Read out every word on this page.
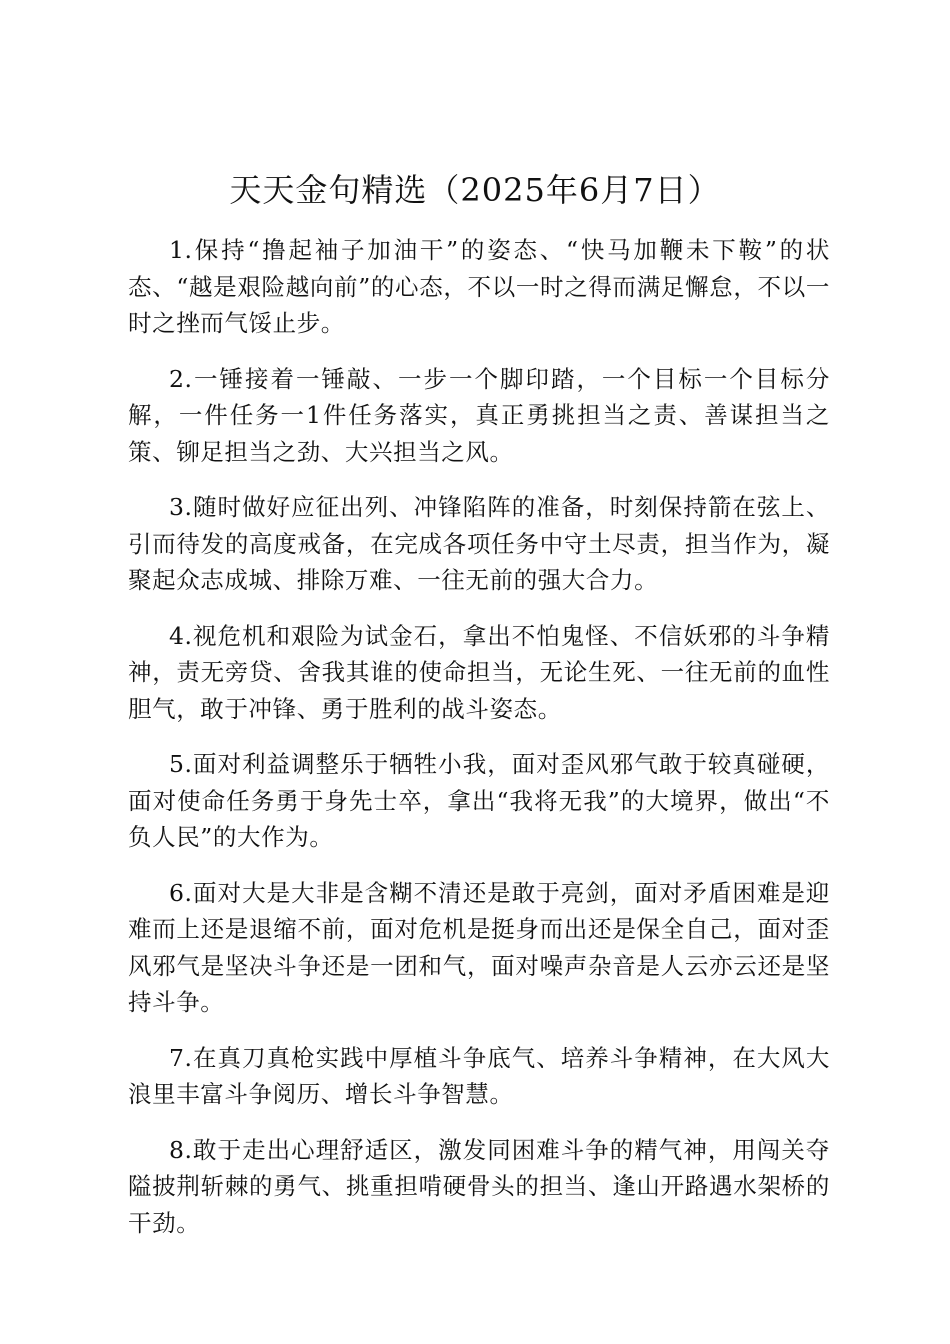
天天金句精选（2025年6月7日）

1.保持“撸起袖子加油干”的姿态、“快马加鞭未下鞍”的状态、“越是艰险越向前”的心态，不以一时之得而满足懈怠，不以一时之挫而气馁止步。

2.一锤接着一锤敲、一步一个脚印踏，一个目标一个目标分解，一件任务一1件任务落实，真正勇挑担当之责、善谋担当之策、铆足担当之劲、大兴担当之风。

3.随时做好应征出列、冲锋陷阵的准备，时刻保持箭在弦上、引而待发的高度戒备，在完成各项任务中守土尽责，担当作为，凝聚起众志成城、排除万难、一往无前的强大合力。

4.视危机和艰险为试金石，拿出不怕鬼怪、不信妖邪的斗争精神，责无旁贷、舍我其谁的使命担当，无论生死、一往无前的血性胆气，敢于冲锋、勇于胜利的战斗姿态。

5.面对利益调整乐于牺牲小我，面对歪风邪气敢于较真碰硬，面对使命任务勇于身先士卒，拿出“我将无我”的大境界，做出“不负人民”的大作为。

6.面对大是大非是含糊不清还是敢于亮剑，面对矛盾困难是迎难而上还是退缩不前，面对危机是挺身而出还是保全自己，面对歪风邪气是坚决斗争还是一团和气，面对噪声杂音是人云亦云还是坚持斗争。

7.在真刀真枪实践中厚植斗争底气、培养斗争精神，在大风大浪里丰富斗争阅历、增长斗争智慧。

8.敢于走出心理舒适区，激发同困难斗争的精气神，用闯关夺隘披荆斩棘的勇气、挑重担啃硬骨头的担当、逢山开路遇水架桥的干劲。
